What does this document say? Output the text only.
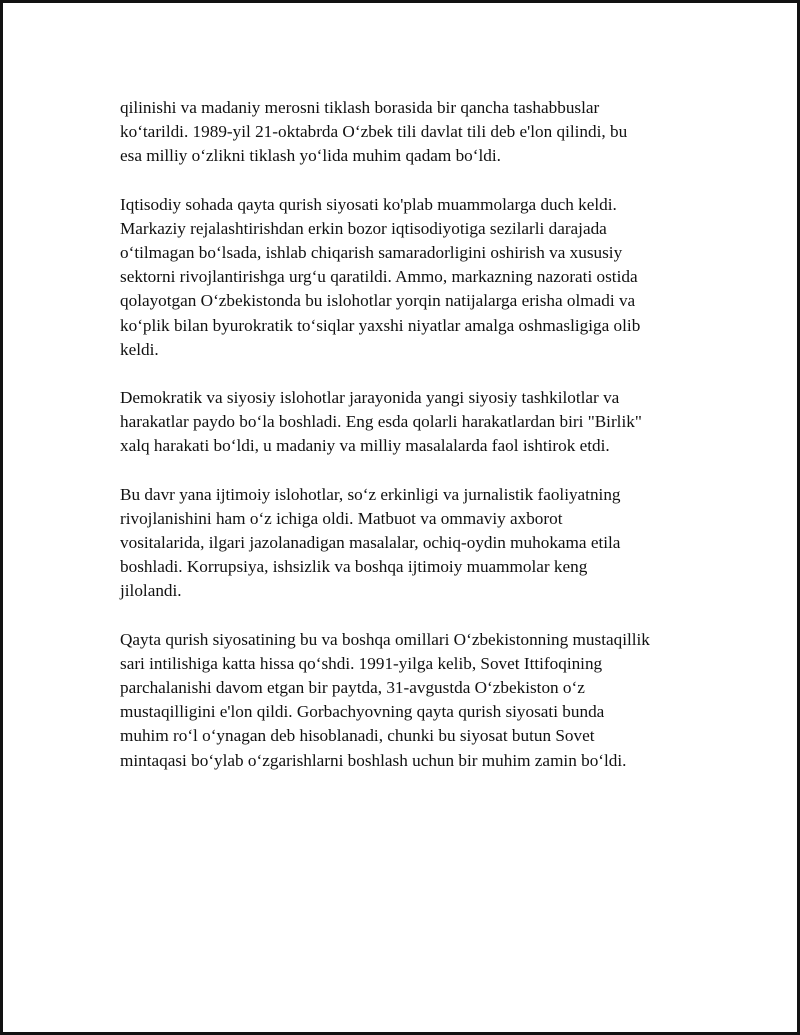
qilinishi va madaniy merosni tiklash borasida bir qancha tashabbuslar
koʻtarildi. 1989-yil 21-oktabrda Oʻzbek tili davlat tili deb e'lon qilindi, bu
esa milliy oʻzlikni tiklash yoʻlida muhim qadam boʻldi.

Iqtisodiy sohada qayta qurish siyosati ko'plab muammolarga duch keldi.
Markaziy rejalashtirishdan erkin bozor iqtisodiyotiga sezilarli darajada
oʻtilmagan boʻlsada, ishlab chiqarish samaradorligini oshirish va xususiy
sektorni rivojlantirishga urgʻu qaratildi. Ammo, markazning nazorati ostida
qolayotgan Oʻzbekistonda bu islohotlar yorqin natijalarga erisha olmadi va
koʻplik bilan byurokratik toʻsiqlar yaxshi niyatlar amalga oshmasligiga olib
keldi.

Demokratik va siyosiy islohotlar jarayonida yangi siyosiy tashkilotlar va
harakatlar paydo boʻla boshladi. Eng esda qolarli harakatlardan biri "Birlik"
xalq harakati boʻldi, u madaniy va milliy masalalarda faol ishtirok etdi.

Bu davr yana ijtimoiy islohotlar, soʻz erkinligi va jurnalistik faoliyatning
rivojlanishini ham oʻz ichiga oldi. Matbuot va ommaviy axborot
vositalarida, ilgari jazolanadigan masalalar, ochiq-oydin muhokama etila
boshladi. Korrupsiya, ishsizlik va boshqa ijtimoiy muammolar keng
jilolandi.

Qayta qurish siyosatining bu va boshqa omillari Oʻzbekistonning mustaqillik
sari intilishiga katta hissa qoʻshdi. 1991-yilga kelib, Sovet Ittifoqining
parchalanishi davom etgan bir paytda, 31-avgustda Oʻzbekiston oʻz
mustaqilligini e'lon qildi. Gorbachyovning qayta qurish siyosati bunda
muhim roʻl oʻynagan deb hisoblanadi, chunki bu siyosat butun Sovet
mintaqasi boʻylab oʻzgarishlarni boshlash uchun bir muhim zamin boʻldi.
